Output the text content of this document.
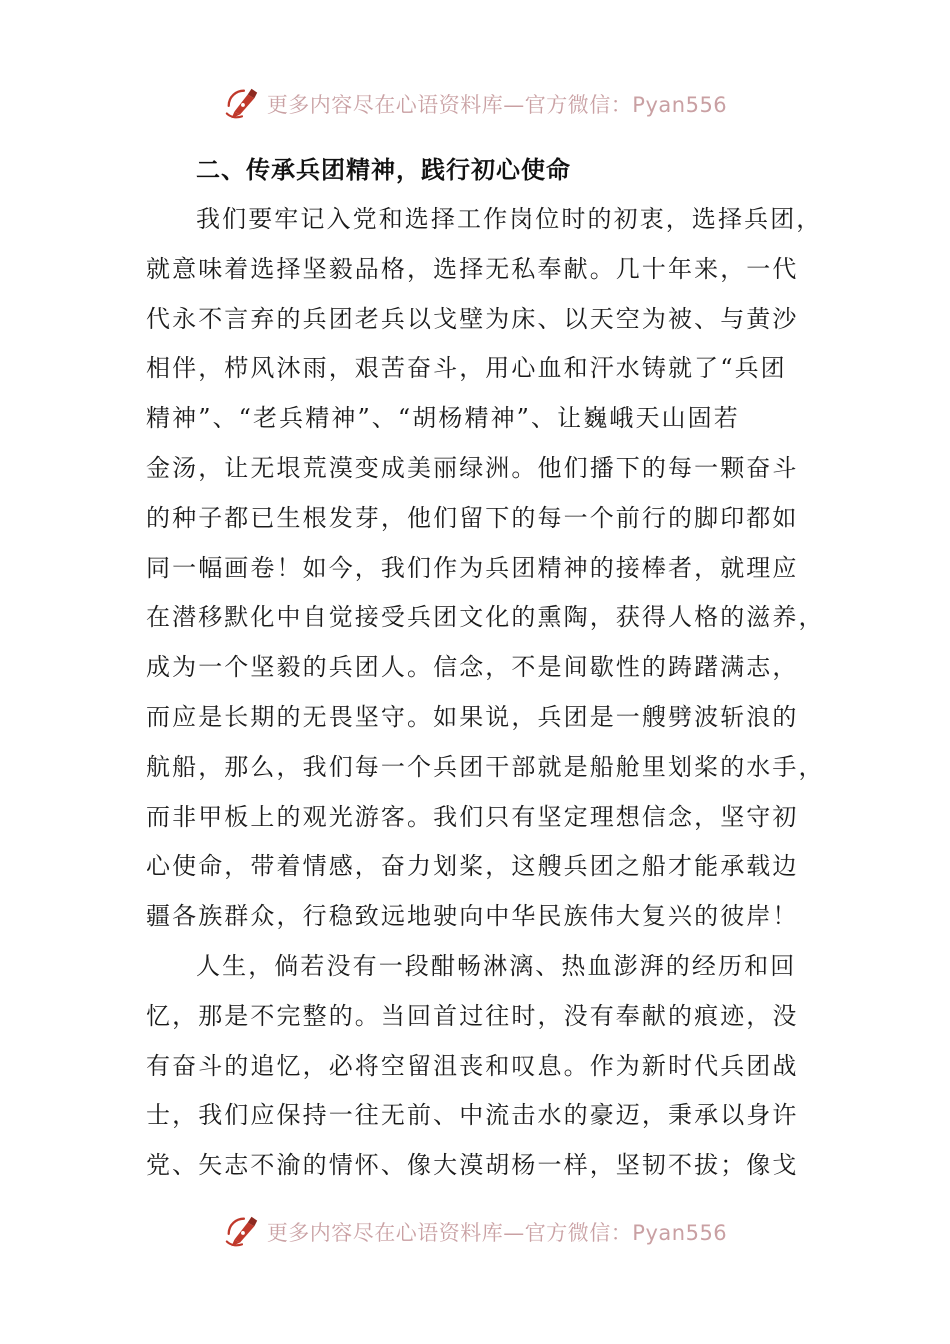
更多内容尽在心语资料库—官方微信：Pyan556
二、传承兵团精神，践行初心使命
我们要牢记入党和选择工作岗位时的初衷，选择兵团，
就意味着选择坚毅品格，选择无私奉献。几十年来，一代
代永不言弃的兵团老兵以戈壁为床、以天空为被、与黄沙
相伴，栉风沐雨，艰苦奋斗，用心血和汗水铸就了“兵团
精神”、“老兵精神”、“胡杨精神”、让巍峨天山固若
金汤，让无垠荒漠变成美丽绿洲。他们播下的每一颗奋斗
的种子都已生根发芽，他们留下的每一个前行的脚印都如
同一幅画卷！如今，我们作为兵团精神的接棒者，就理应
在潜移默化中自觉接受兵团文化的熏陶，获得人格的滋养，
成为一个坚毅的兵团人。信念，不是间歇性的踌躇满志，
而应是长期的无畏坚守。如果说，兵团是一艘劈波斩浪的
航船，那么，我们每一个兵团干部就是船舱里划桨的水手，
而非甲板上的观光游客。我们只有坚定理想信念，坚守初
心使命，带着情感，奋力划桨，这艘兵团之船才能承载边
疆各族群众，行稳致远地驶向中华民族伟大复兴的彼岸！
人生，倘若没有一段酣畅淋漓、热血澎湃的经历和回
忆，那是不完整的。当回首过往时，没有奉献的痕迹，没
有奋斗的追忆，必将空留沮丧和叹息。作为新时代兵团战
士，我们应保持一往无前、中流击水的豪迈，秉承以身许
党、矢志不渝的情怀、像大漠胡杨一样，坚韧不拔；像戈
更多内容尽在心语资料库—官方微信：Pyan556
